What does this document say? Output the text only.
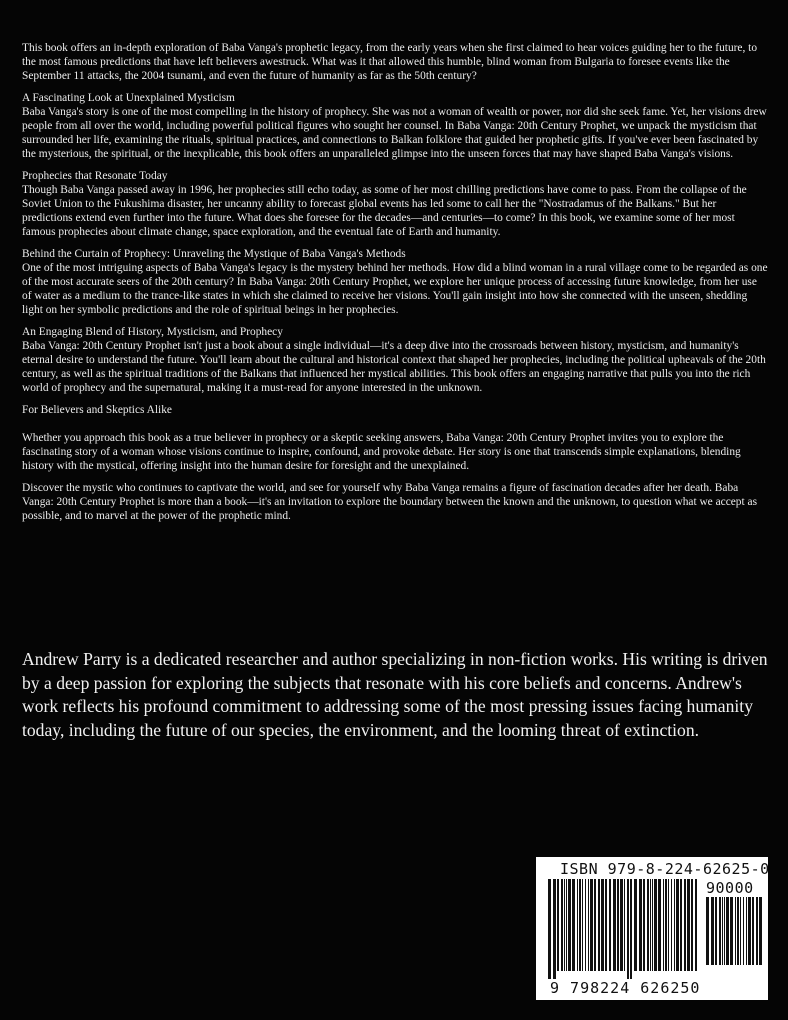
This book offers an in-depth exploration of Baba Vanga's prophetic legacy, from the early years when she first claimed to hear voices guiding her to the future, to the most famous predictions that have left believers awestruck. What was it that allowed this humble, blind woman from Bulgaria to foresee events like the September 11 attacks, the 2004 tsunami, and even the future of humanity as far as the 50th century?

A Fascinating Look at Unexplained Mysticism

Baba Vanga's story is one of the most compelling in the history of prophecy. She was not a woman of wealth or power, nor did she seek fame. Yet, her visions drew people from all over the world, including powerful political figures who sought her counsel. In Baba Vanga: 20th Century Prophet, we unpack the mysticism that surrounded her life, examining the rituals, spiritual practices, and connections to Balkan folklore that guided her prophetic gifts. If you've ever been fascinated by the mysterious, the spiritual, or the inexplicable, this book offers an unparalleled glimpse into the unseen forces that may have shaped Baba Vanga's visions.

Prophecies that Resonate Today

Though Baba Vanga passed away in 1996, her prophecies still echo today, as some of her most chilling predictions have come to pass. From the collapse of the Soviet Union to the Fukushima disaster, her uncanny ability to forecast global events has led some to call her the "Nostradamus of the Balkans." But her predictions extend even further into the future. What does she foresee for the decades—and centuries—to come? In this book, we examine some of her most famous prophecies about climate change, space exploration, and the eventual fate of Earth and humanity.

Behind the Curtain of Prophecy: Unraveling the Mystique of Baba Vanga's Methods

One of the most intriguing aspects of Baba Vanga's legacy is the mystery behind her methods. How did a blind woman in a rural village come to be regarded as one of the most accurate seers of the 20th century? In Baba Vanga: 20th Century Prophet, we explore her unique process of accessing future knowledge, from her use of water as a medium to the trance-like states in which she claimed to receive her visions. You'll gain insight into how she connected with the unseen, shedding light on her symbolic predictions and the role of spiritual beings in her prophecies.

An Engaging Blend of History, Mysticism, and Prophecy

Baba Vanga: 20th Century Prophet isn't just a book about a single individual—it's a deep dive into the crossroads between history, mysticism, and humanity's eternal desire to understand the future. You'll learn about the cultural and historical context that shaped her prophecies, including the political upheavals of the 20th century, as well as the spiritual traditions of the Balkans that influenced her mystical abilities. This book offers an engaging narrative that pulls you into the rich world of prophecy and the supernatural, making it a must-read for anyone interested in the unknown.

For Believers and Skeptics Alike

Whether you approach this book as a true believer in prophecy or a skeptic seeking answers, Baba Vanga: 20th Century Prophet invites you to explore the fascinating story of a woman whose visions continue to inspire, confound, and provoke debate. Her story is one that transcends simple explanations, blending history with the mystical, offering insight into the human desire for foresight and the unexplained.

Discover the mystic who continues to captivate the world, and see for yourself why Baba Vanga remains a figure of fascination decades after her death. Baba Vanga: 20th Century Prophet is more than a book—it's an invitation to explore the boundary between the known and the unknown, to question what we accept as possible, and to marvel at the power of the prophetic mind.

Andrew Parry is a dedicated researcher and author specializing in non-fiction works. His writing is driven by a deep passion for exploring the subjects that resonate with his core beliefs and concerns. Andrew's work reflects his profound commitment to addressing some of the most pressing issues facing humanity today, including the future of our species, the environment, and the looming threat of extinction.

ISBN 979-8-224-62625-0
90000
9 798224 626250
